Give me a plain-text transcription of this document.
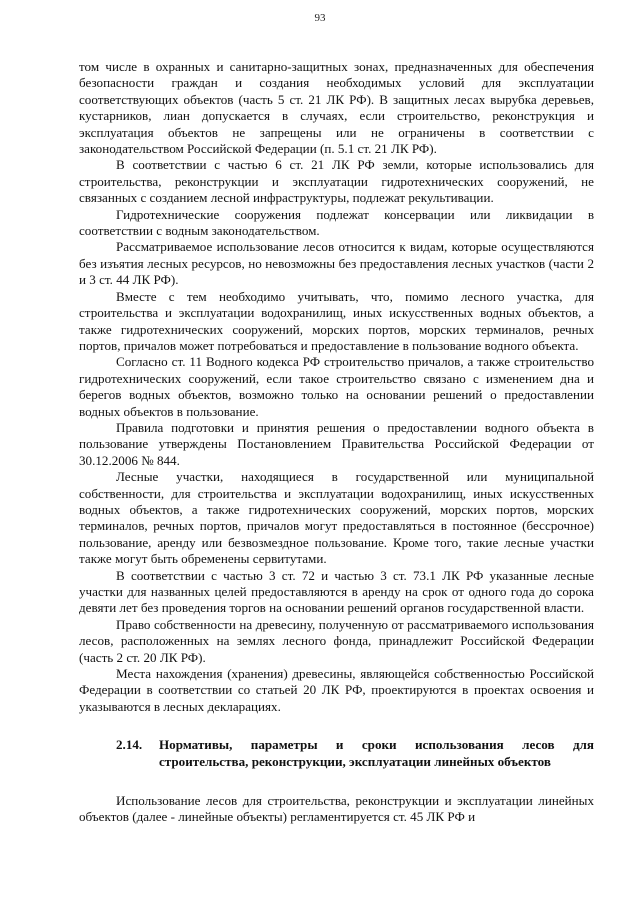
93

том числе в охранных и санитарно-защитных зонах, предназначенных для обеспечения безопасности граждан и создания необходимых условий для эксплуатации соответствующих объектов (часть 5 ст. 21 ЛК РФ). В защитных лесах вырубка деревьев, кустарников, лиан допускается в случаях, если строительство, реконструкция и эксплуатация объектов не запрещены или не ограничены в соответствии с законодательством Российской Федерации (п. 5.1 ст. 21 ЛК РФ).

В соответствии с частью 6 ст. 21 ЛК РФ земли, которые использовались для строительства, реконструкции и эксплуатации гидротехнических сооружений, не связанных с созданием лесной инфраструктуры, подлежат рекультивации.

Гидротехнические сооружения подлежат консервации или ликвидации в соответствии с водным законодательством.

Рассматриваемое использование лесов относится к видам, которые осуществляются без изъятия лесных ресурсов, но невозможны без предоставления лесных участков (части 2 и 3 ст. 44 ЛК РФ).

Вместе с тем необходимо учитывать, что, помимо лесного участка, для строительства и эксплуатации водохранилищ, иных искусственных водных объектов, а также гидротехнических сооружений, морских портов, морских терминалов, речных портов, причалов может потребоваться и предоставление в пользование водного объекта.

Согласно ст. 11 Водного кодекса РФ строительство причалов, а также строительство гидротехнических сооружений, если такое строительство связано с изменением дна и берегов водных объектов, возможно только на основании решений о предоставлении водных объектов в пользование.

Правила подготовки и принятия решения о предоставлении водного объекта в пользование утверждены Постановлением Правительства Российской Федерации от 30.12.2006 № 844.

Лесные участки, находящиеся в государственной или муниципальной собственности, для строительства и эксплуатации водохранилищ, иных искусственных водных объектов, а также гидротехнических сооружений, морских портов, морских терминалов, речных портов, причалов могут предоставляться в постоянное (бессрочное) пользование, аренду или безвозмездное пользование. Кроме того, такие лесные участки также могут быть обременены сервитутами.

В соответствии с частью 3 ст. 72 и частью 3 ст. 73.1 ЛК РФ указанные лесные участки для названных целей предоставляются в аренду на срок от одного года до сорока девяти лет без проведения торгов на основании решений органов государственной власти.

Право собственности на древесину, полученную от рассматриваемого использования лесов, расположенных на землях лесного фонда, принадлежит Российской Федерации (часть 2 ст. 20 ЛК РФ).

Места нахождения (хранения) древесины, являющейся собственностью Российской Федерации в соответствии со статьей 20 ЛК РФ, проектируются в проектах освоения и указываются в лесных декларациях.

2.14.	Нормативы, параметры и сроки использования лесов для строительства, реконструкции, эксплуатации линейных объектов

Использование лесов для строительства, реконструкции и эксплуатации линейных объектов (далее - линейные объекты) регламентируется ст. 45 ЛК РФ и
